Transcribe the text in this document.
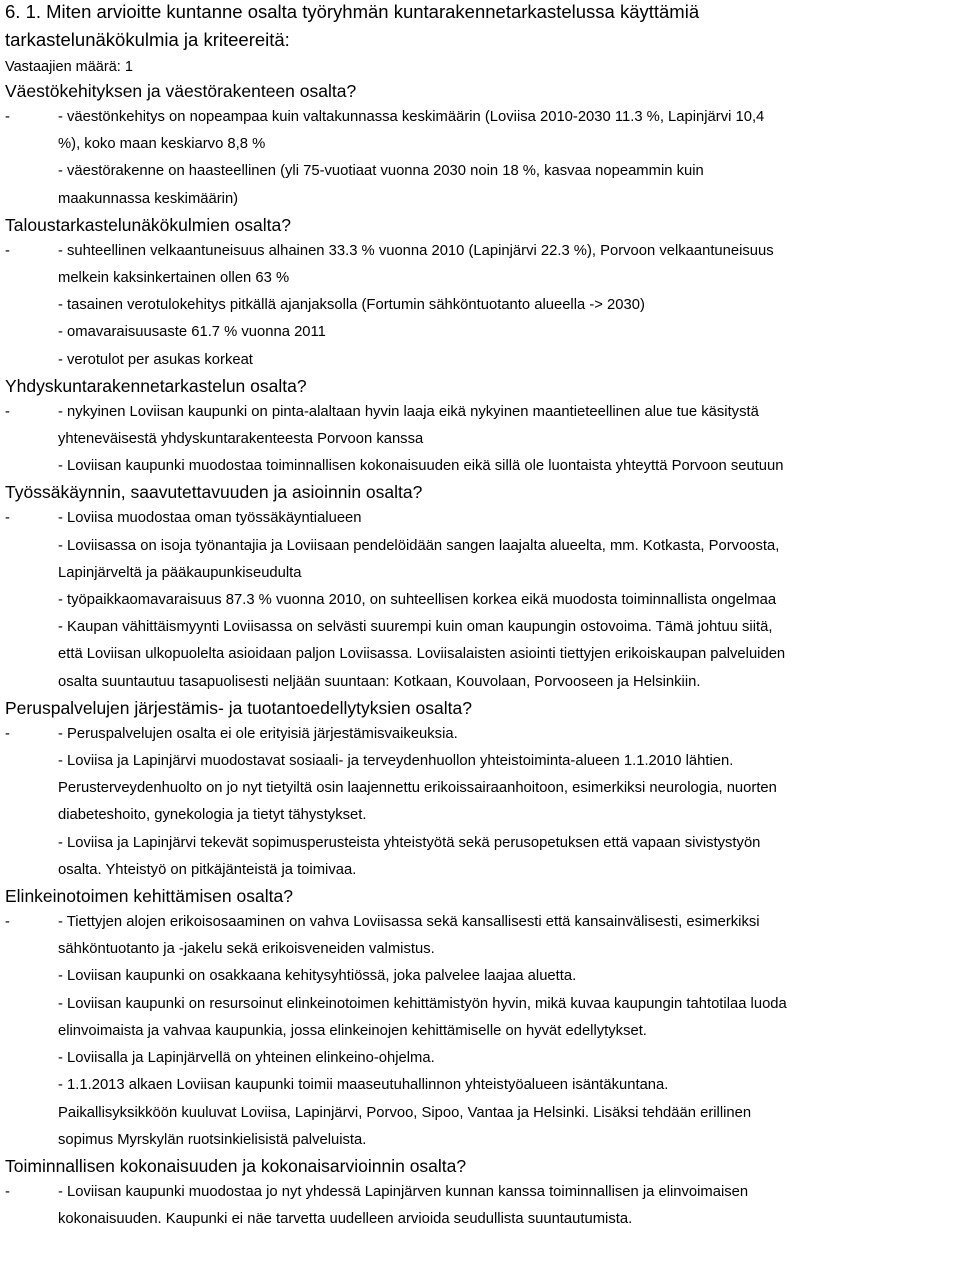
6. 1. Miten arvioitte kuntanne osalta työryhmän kuntarakennetarkastelussa käyttämiä
tarkastelunäkökulmia ja kriteereitä:
Vastaajien määrä: 1
Väestökehityksen ja väestörakenteen osalta?
-	- väestönkehitys on nopeampaa kuin valtakunnassa keskimäärin (Loviisa 2010-2030 11.3 %, Lapinjärvi 10,4
%), koko maan keskiarvo 8,8 %
- väestörakenne on haasteellinen (yli 75-vuotiaat vuonna 2030 noin 18 %, kasvaa nopeammin kuin
maakunnassa keskimäärin)
Taloustarkastelunäkökulmien osalta?
-	- suhteellinen velkaantuneisuus alhainen 33.3 % vuonna 2010 (Lapinjärvi 22.3 %), Porvoon velkaantuneisuus
melkein kaksinkertainen ollen 63 %
- tasainen verotulokehitys pitkällä ajanjaksolla (Fortumin sähköntuotanto alueella -> 2030)
- omavaraisuusaste 61.7 % vuonna 2011
- verotulot per asukas korkeat
Yhdyskuntarakennetarkastelun osalta?
-	- nykyinen Loviisan kaupunki on pinta-alaltaan hyvin laaja eikä nykyinen maantieteellinen alue tue käsitystä
yhteneväisestä yhdyskuntarakenteesta Porvoon kanssa
- Loviisan kaupunki muodostaa toiminnallisen kokonaisuuden eikä sillä ole luontaista yhteyttä Porvoon seutuun
Työssäkäynnin, saavutettavuuden ja asioinnin osalta?
-	- Loviisa muodostaa oman työssäkäyntialueen
- Loviisassa on isoja työnantajia ja Loviisaan pendelöidään sangen laajalta alueelta, mm. Kotkasta, Porvoosta,
Lapinjärveltä ja pääkaupunkiseudulta
- työpaikkaomavaraisuus 87.3 % vuonna 2010, on suhteellisen korkea eikä muodosta toiminnallista ongelmaa
- Kaupan vähittäismyynti Loviisassa on selvästi suurempi kuin oman kaupungin ostovoima. Tämä johtuu siitä,
että Loviisan ulkopuolelta asioidaan paljon Loviisassa. Loviisalaisten asiointi tiettyjen erikoiskaupan palveluiden
osalta suuntautuu tasapuolisesti neljään suuntaan: Kotkaan, Kouvolaan, Porvooseen ja Helsinkiin.
Peruspalvelujen järjestämis- ja tuotantoedellytyksien osalta?
-	- Peruspalvelujen osalta ei ole erityisiä järjestämisvaikeuksia.
- Loviisa ja Lapinjärvi muodostavat sosiaali- ja terveydenhuollon yhteistoiminta-alueen 1.1.2010 lähtien.
Perusterveydenhuolto on jo nyt tietyiltä osin laajennettu erikoissairaanhoitoon, esimerkiksi neurologia, nuorten
diabeteshoito, gynekologia ja tietyt tähystykset.
- Loviisa ja Lapinjärvi tekevät sopimusperusteista yhteistyötä sekä perusopetuksen että vapaan sivistystyön
osalta. Yhteistyö on pitkäjänteistä ja toimivaa.
Elinkeinotoimen kehittämisen osalta?
-	- Tiettyjen alojen erikoisosaaminen on vahva Loviisassa sekä kansallisesti että kansainvälisesti, esimerkiksi
sähköntuotanto ja -jakelu sekä erikoisveneiden valmistus.
- Loviisan kaupunki on osakkaana kehitysyhtiössä, joka palvelee laajaa aluetta.
- Loviisan kaupunki on resursoinut elinkeinotoimen kehittämistyön hyvin, mikä kuvaa kaupungin tahtotilaa luoda
elinvoimaista ja vahvaa kaupunkia, jossa elinkeinojen kehittämiselle on hyvät edellytykset.
- Loviisalla ja Lapinjärvellä on yhteinen elinkeino-ohjelma.
- 1.1.2013 alkaen Loviisan kaupunki toimii maaseutuhallinnon yhteistyöalueen isäntäkuntana.
Paikallisyksikköön kuuluvat Loviisa, Lapinjärvi, Porvoo, Sipoo, Vantaa ja Helsinki. Lisäksi tehdään erillinen
sopimus Myrskylän ruotsinkielisistä palveluista.
Toiminnallisen kokonaisuuden ja kokonaisarvioinnin osalta?
-	- Loviisan kaupunki muodostaa jo nyt yhdessä Lapinjärven kunnan kanssa toiminnallisen ja elinvoimaisen
kokonaisuuden. Kaupunki ei näe tarvetta uudelleen arvioida seudullista suuntautumista.
